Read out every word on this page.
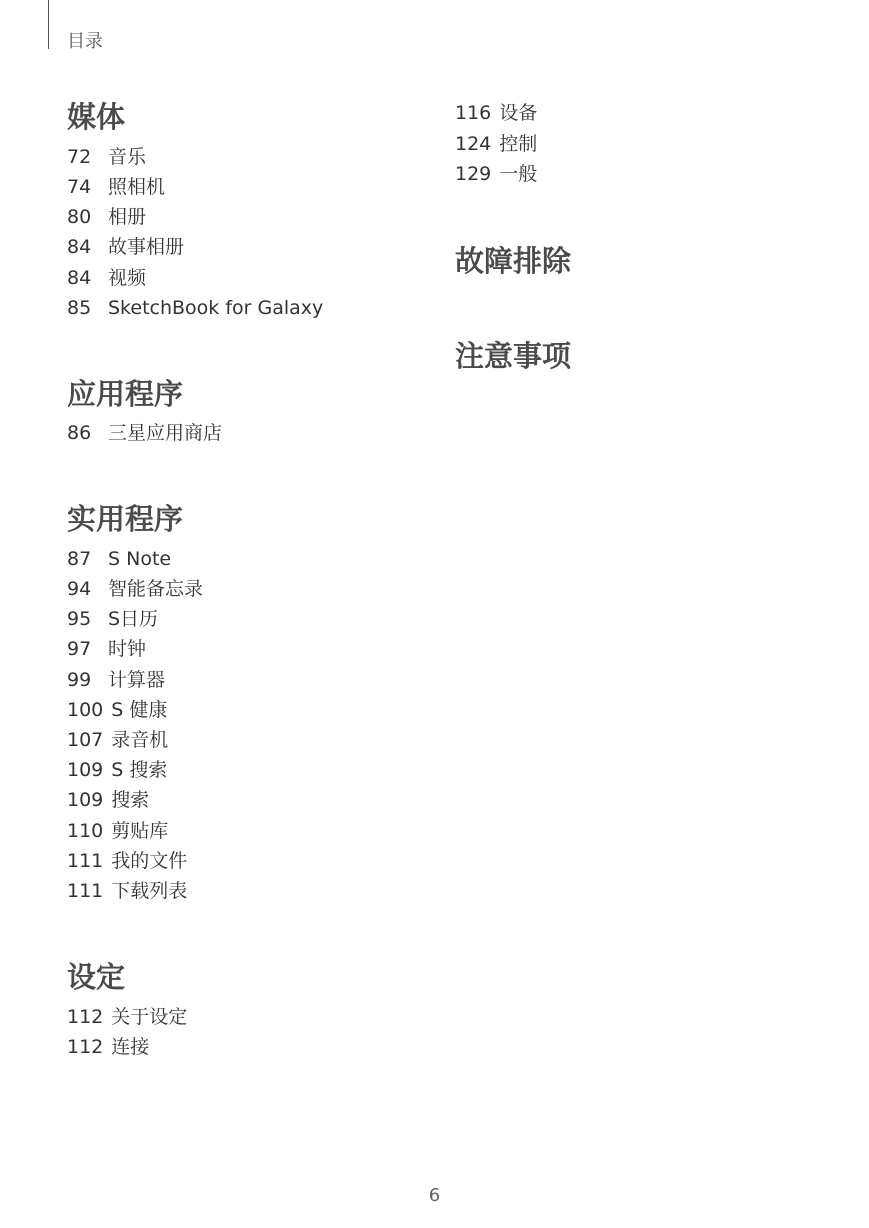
目录
媒体
72 音乐
74 照相机
80 相册
84 故事相册
84 视频
85 SketchBook for Galaxy
应用程序
86 三星应用商店
实用程序
87 S Note
94 智能备忘录
95 S日历
97 时钟
99 计算器
100 S 健康
107 录音机
109 S 搜索
109 搜索
110 剪贴库
111 我的文件
111 下载列表
设定
112 关于设定
112 连接
116 设备
124 控制
129 一般
故障排除
注意事项
6
